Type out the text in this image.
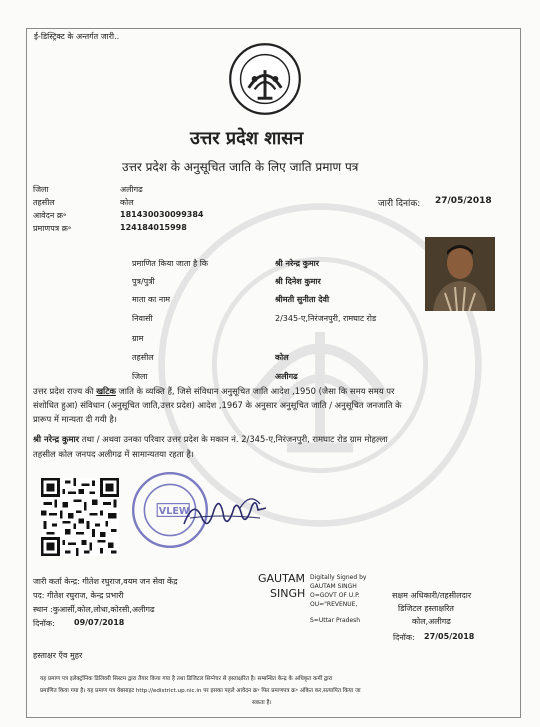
ई-डिस्ट्रिक्ट के अन्तर्गत जारी..
उत्तर प्रदेश शासन
उत्तर प्रदेश के अनुसूचित जाति के लिए जाति प्रमाण पत्र
जिला	अलीगढ
तहसील	कोल
आवेदन क्र॰	181430030099384
प्रमाणपत्र क्र॰	124184015998
जारी दिनांक: 27/05/2018
प्रमाणित किया जाता है कि	श्री नरेन्द्र कुमार
पुत्र/पुत्री	श्री दिनेश कुमार
माता का नाम	श्रीमती सुनीता देवी
निवासी	2/345-ए,निरंजनपुरी, रामघाट रोड
ग्राम
तहसील	कोल
जिला	अलीगढ
उत्तर प्रदेश राज्य की खटिक जाति के व्यक्ति हैं, जिसे संविधान अनुसूचित जाति आदेश ,1950 (जैसा कि समय समय पर
संशोधित हुआ) संविधान (अनुसूचित जाति,उत्तर प्रदेश) आदेश ,1967 के अनुसार अनुसूचित जाति / अनुसूचित जनजाति के
प्रारूप में मान्यता दी गयी है।
श्री नरेन्द्र कुमार तथा / अथवा उनका परिवार उत्तर प्रदेश के मकान नं. 2/345-ए,निरंजनपुरी, रामघाट रोड ग्राम मोहल्ला
तहसील कोल जनपद अलीगढ में सामान्यतया रहता है।
VLEW
जारी कर्ता केन्द्र: गीतेश रघुराज,वयम जन सेवा केंद्र
पद: गीतेश रघुराज, केन्द्र प्रभारी
स्थान :कुआर्सी,कोल,लोधा,कोरसी,अलीगढ
दिनॉक: 09/07/2018
GAUTAM
SINGH
Digitally Signed by
GAUTAM SINGH
O=GOVT OF U.P.
OU="REVENUE,
S=Uttar Pradesh
सक्षम अधिकारी/तहसीलदार
डिजिटल हस्ताक्षरित
कोल,अलीगढ
दिनॉक: 27/05/2018
हस्ताक्षर एँव मुहर
यह प्रमाण पत्र इलेक्ट्रॉनिक डिलिवरी सिस्टम द्वारा तैयार किया गया है तथा डिजिटल सिग्नेचर से हस्ताक्षरित है। सम्बन्धित केन्द्र के अधिकृत कर्मी द्वारा
प्रमाणित किया गया है। यह प्रमाण पत्र वेबसाइट http://edistrict.up.nic.in पर इसका पहले आवेदन क्र॰ फिर प्रमाणपत्र क्र॰ अंकित कर,सत्यापित किया जा
सकता है।
